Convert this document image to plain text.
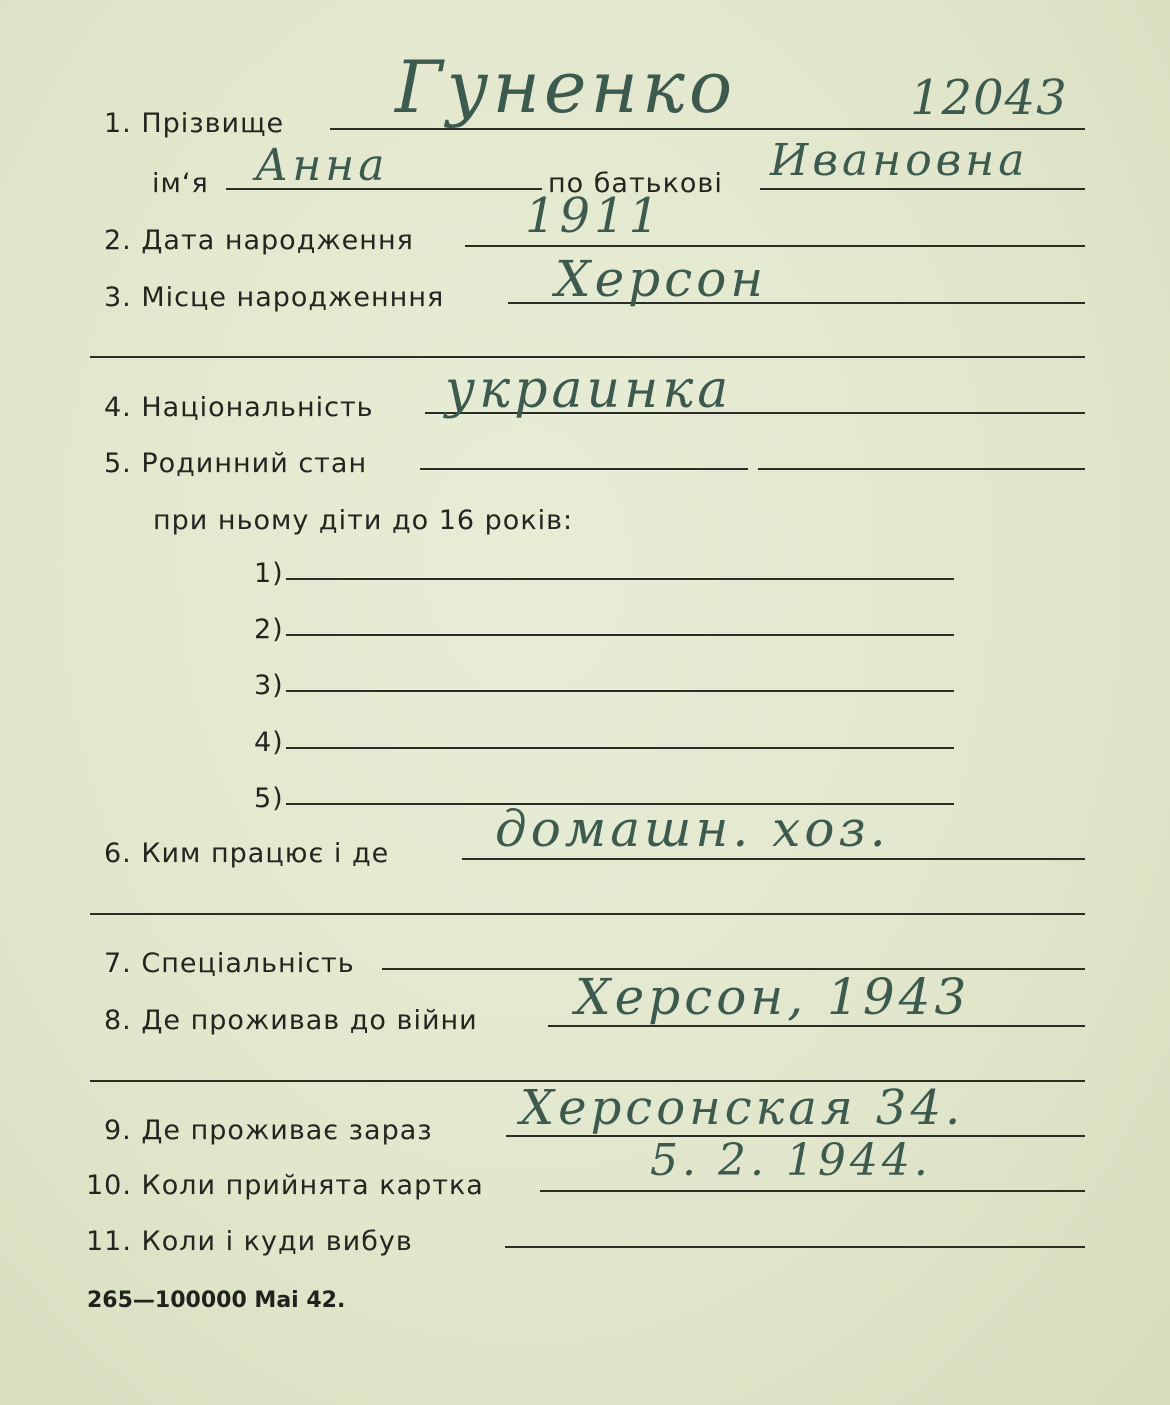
1. Прізвище Гуненко	12043
ім‘я Анна	по батькові Ивановна
2. Дата народження 1911
3. Місце народженння Херсон
4. Національність украинка
5. Родинний стан
при ньому діти до 16 років:
1)
2)
3)
4)
5)
6. Ким працює і де домашн. хоз.
7. Спеціальність
8. Де проживав до війни Херсон, 1943
9. Де проживає зараз Херсонская 34.
10. Коли прийнята картка	5. 2. 1944.
11. Коли і куди вибув
265—100000 Mai 42.
